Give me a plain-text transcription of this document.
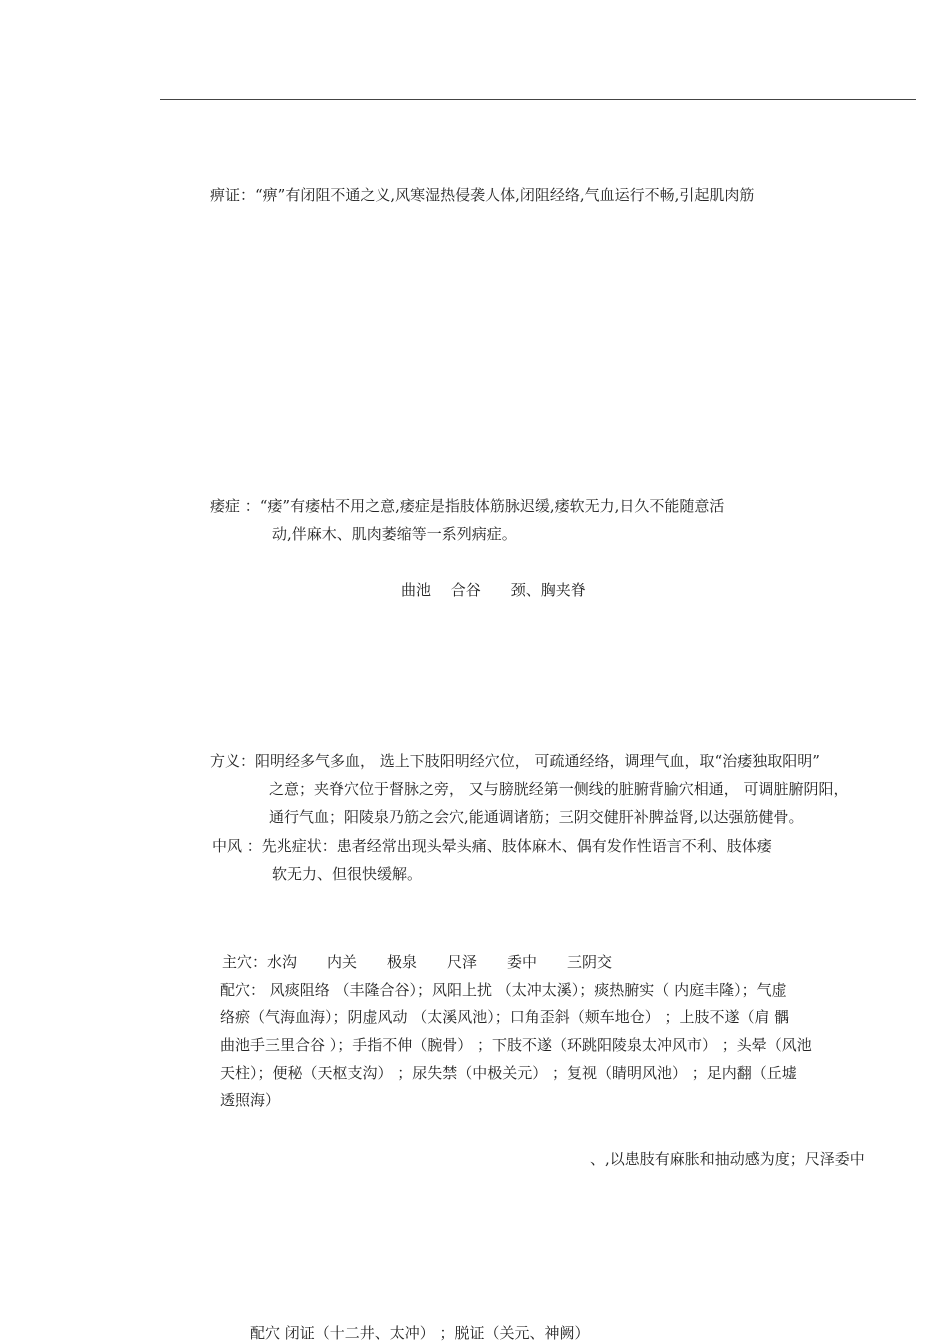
痹证：“痹”有闭阻不通之义,风寒湿热侵袭人体,闭阻经络,气血运行不畅,引起肌肉筋
痿症 ：“痿”有痿枯不用之意,痿症是指肢体筋脉迟缓,痿软无力,日久不能随意活
动,伴麻木、肌肉萎缩等一系列病症。
曲池　 合谷　　颈、胸夹脊
方义：阳明经多气多血， 选上下肢阳明经穴位， 可疏通经络，调理气血，取“治痿独取阳明”
之意；夹脊穴位于督脉之旁， 又与膀胱经第一侧线的脏腑背腧穴相通， 可调脏腑阴阳，
通行气血；阳陵泉乃筋之会穴,能通调诸筋；三阴交健肝补脾益肾,以达强筋健骨。
中风 ：先兆症状：患者经常出现头晕头痛、肢体麻木、偶有发作性语言不利、肢体痿
软无力、但很快缓解。
主穴：水沟　　内关　　极泉　　尺泽　　委中　　三阴交
配穴： 风痰阻络 （丰隆合谷）；风阳上扰 （太冲太溪）；痰热腑实（ 内庭丰隆）；气虚
络瘀（气海血海）；阴虚风动 （太溪风池）；口角歪斜（颊车地仓） ；上肢不遂（肩 髃
曲池手三里合谷 ）；手指不伸（腕骨） ；下肢不遂（环跳阳陵泉太冲风市） ；头晕（风池
天柱）；便秘（天枢支沟） ；尿失禁（中极关元） ；复视（睛明风池） ；足内翻（丘墟
透照海）
、,以患肢有麻胀和抽动感为度；尺泽委中
配穴 闭证（十二井、太冲） ；脱证（关元、神阙）
